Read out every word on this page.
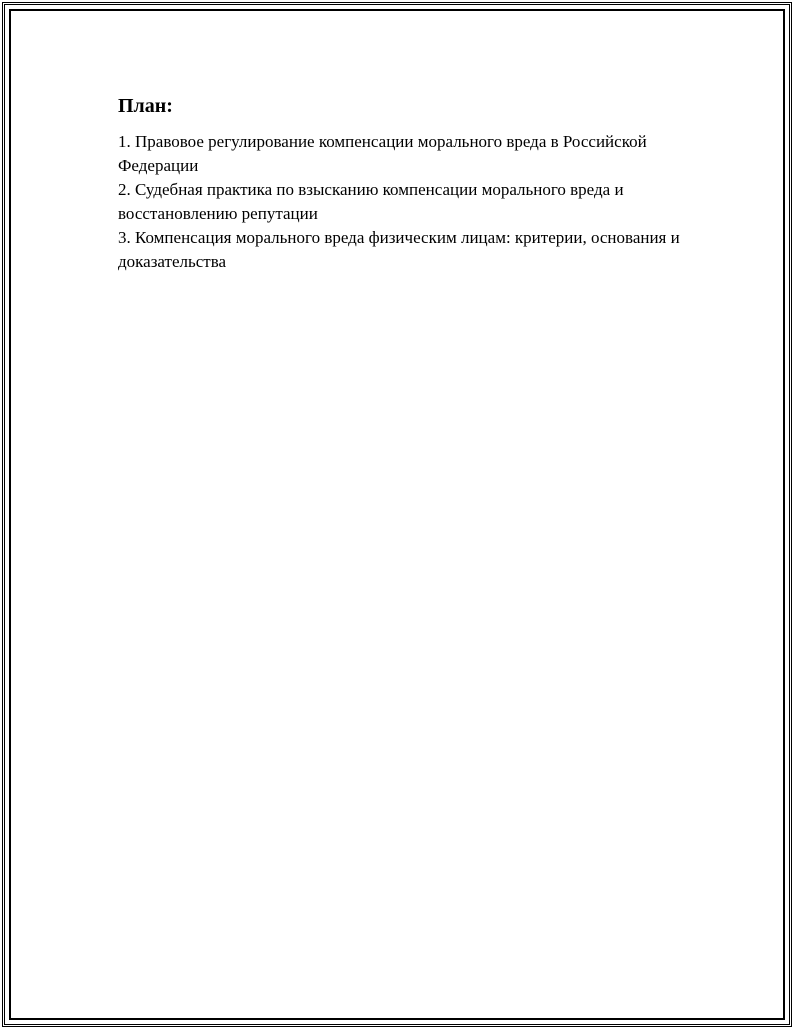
План:
1. Правовое регулирование компенсации морального вреда в Российской Федерации
2. Судебная практика по взысканию компенсации морального вреда и восстановлению репутации
3. Компенсация морального вреда физическим лицам: критерии, основания и доказательства
